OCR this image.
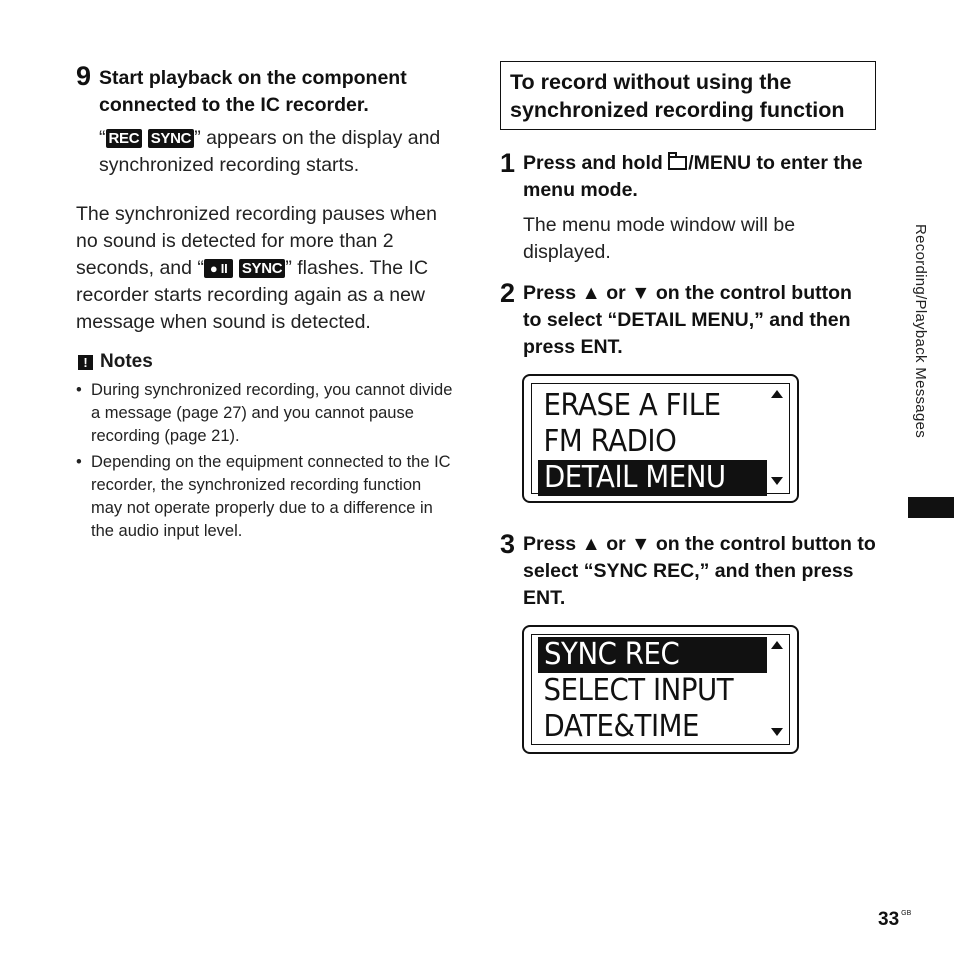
9 Start playback on the component connected to the IC recorder.
“ REC SYNC ” appears on the display and synchronized recording starts.
The synchronized recording pauses when no sound is detected for more than 2 seconds, and “ ● II SYNC ” flashes. The IC recorder starts recording again as a new message when sound is detected.
! Notes
• During synchronized recording, you cannot divide a message (page 27) and you cannot pause recording (page 21).
• Depending on the equipment connected to the IC recorder, the synchronized recording function may not operate properly due to a difference in the audio input level.
To record without using the synchronized recording function
1 Press and hold /MENU to enter the menu mode.
The menu mode window will be displayed.
2 Press ▲ or ▼ on the control button to select “DETAIL MENU,” and then press ENT.
ERASE A FILE
FM RADIO
DETAIL MENU
3 Press ▲ or ▼ on the control button to select “SYNC REC,” and then press ENT.
SYNC REC
SELECT INPUT
DATE&TIME
Recording/Playback Messages
33 $^{GB}$
